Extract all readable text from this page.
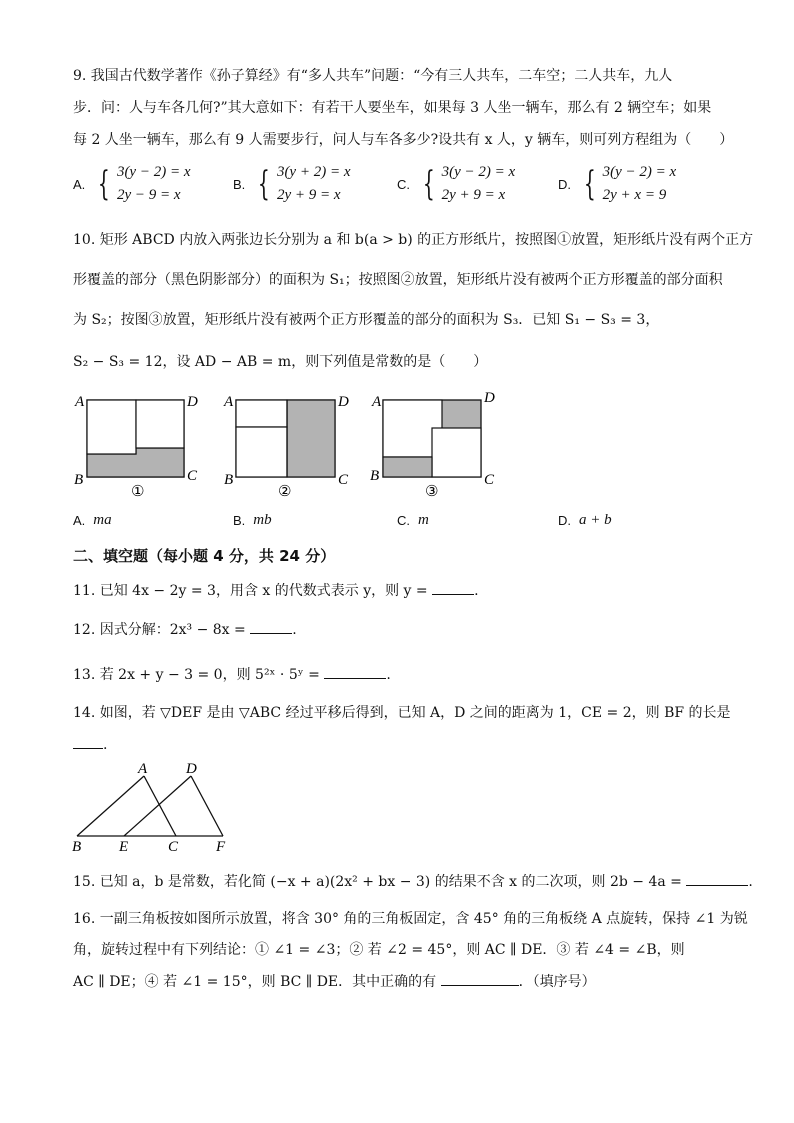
9. 我国古代数学著作《孙子算经》有“多人共车”问题：“今有三人共车，二车空；二人共车，九人
步．问：人与车各几何?”其大意如下：有若干人要坐车，如果每 3 人坐一辆车，那么有 2 辆空车；如果
每 2 人坐一辆车，那么有 9 人需要步行，问人与车各多少?设共有 x 人，y 辆车，则可列方程组为（　　）
A. { 3(y − 2) = x
2y − 9 = x
B. { 3(y + 2) = x
2y + 9 = x
C. { 3(y − 2) = x
2y + 9 = x
D. { 3(y − 2) = x
2y + x = 9
10. 矩形 ABCD 内放入两张边长分别为 a 和 b(a > b) 的正方形纸片，按照图①放置，矩形纸片没有两个正方
形覆盖的部分（黑色阴影部分）的面积为 S₁；按照图②放置，矩形纸片没有被两个正方形覆盖的部分面积
为 S₂；按图③放置，矩形纸片没有被两个正方形覆盖的部分的面积为 S₃．已知 S₁ − S₃ = 3，
S₂ − S₃ = 12，设 AD − AB = m，则下列值是常数的是（　　）
A	D
B	C
①
A	D
B	C
②
A	D
B	C
③
A. ma	B. mb	C. m	D. a + b
二、填空题（每小题 4 分，共 24 分）
11. 已知 4x − 2y = 3，用含 x 的代数式表示 y，则 y =	.
12. 因式分解：2x³ − 8x =	.
13. 若 2x + y − 3 = 0，则 5²ˣ · 5ʸ =	.
14. 如图，若 ▽DEF 是由 ▽ABC 经过平移后得到，已知 A，D 之间的距离为 1，CE = 2，则 BF 的长是
.
A	D
B	E	C	F
15. 已知 a，b 是常数，若化简 (−x + a)(2x² + bx − 3) 的结果不含 x 的二次项，则 2b − 4a =	.
16. 一副三角板按如图所示放置，将含 30° 角的三角板固定，含 45° 角的三角板绕 A 点旋转，保持 ∠1 为锐
角，旋转过程中有下列结论：① ∠1 = ∠3；② 若 ∠2 = 45°，则 AC ∥ DE．③ 若 ∠4 = ∠B，则
AC ∥ DE；④ 若 ∠1 = 15°，则 BC ∥ DE．其中正确的有	．（填序号）
